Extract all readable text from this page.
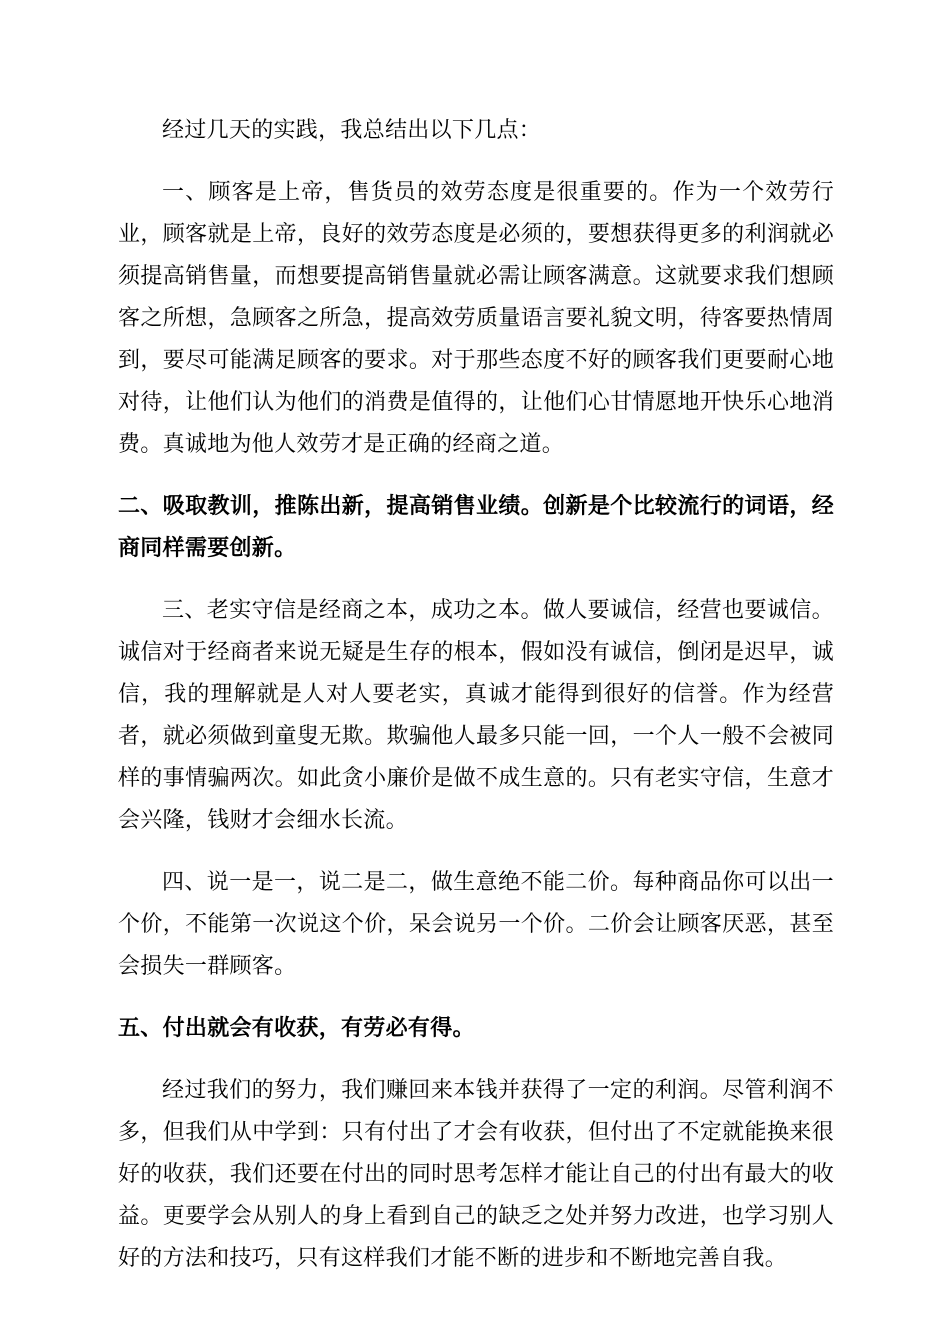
经过几天的实践，我总结出以下几点：

一、顾客是上帝，售货员的效劳态度是很重要的。作为一个效劳行业，顾客就是上帝，良好的效劳态度是必须的，要想获得更多的利润就必须提高销售量，而想要提高销售量就必需让顾客满意。这就要求我们想顾客之所想，急顾客之所急，提高效劳质量语言要礼貌文明，待客要热情周到，要尽可能满足顾客的要求。对于那些态度不好的顾客我们更要耐心地对待，让他们认为他们的消费是值得的，让他们心甘情愿地开快乐心地消费。真诚地为他人效劳才是正确的经商之道。

二、吸取教训，推陈出新，提高销售业绩。创新是个比较流行的词语，经商同样需要创新。

三、老实守信是经商之本，成功之本。做人要诚信，经营也要诚信。诚信对于经商者来说无疑是生存的根本，假如没有诚信，倒闭是迟早，诚信，我的理解就是人对人要老实，真诚才能得到很好的信誉。作为经营者，就必须做到童叟无欺。欺骗他人最多只能一回，一个人一般不会被同样的事情骗两次。如此贪小廉价是做不成生意的。只有老实守信，生意才会兴隆，钱财才会细水长流。

四、说一是一，说二是二，做生意绝不能二价。每种商品你可以出一个价，不能第一次说这个价，呆会说另一个价。二价会让顾客厌恶，甚至会损失一群顾客。

五、付出就会有收获，有劳必有得。

经过我们的努力，我们赚回来本钱并获得了一定的利润。尽管利润不多，但我们从中学到：只有付出了才会有收获，但付出了不定就能换来很好的收获，我们还要在付出的同时思考怎样才能让自己的付出有最大的收益。更要学会从别人的身上看到自己的缺乏之处并努力改进，也学习别人好的方法和技巧，只有这样我们才能不断的进步和不断地完善自我。
